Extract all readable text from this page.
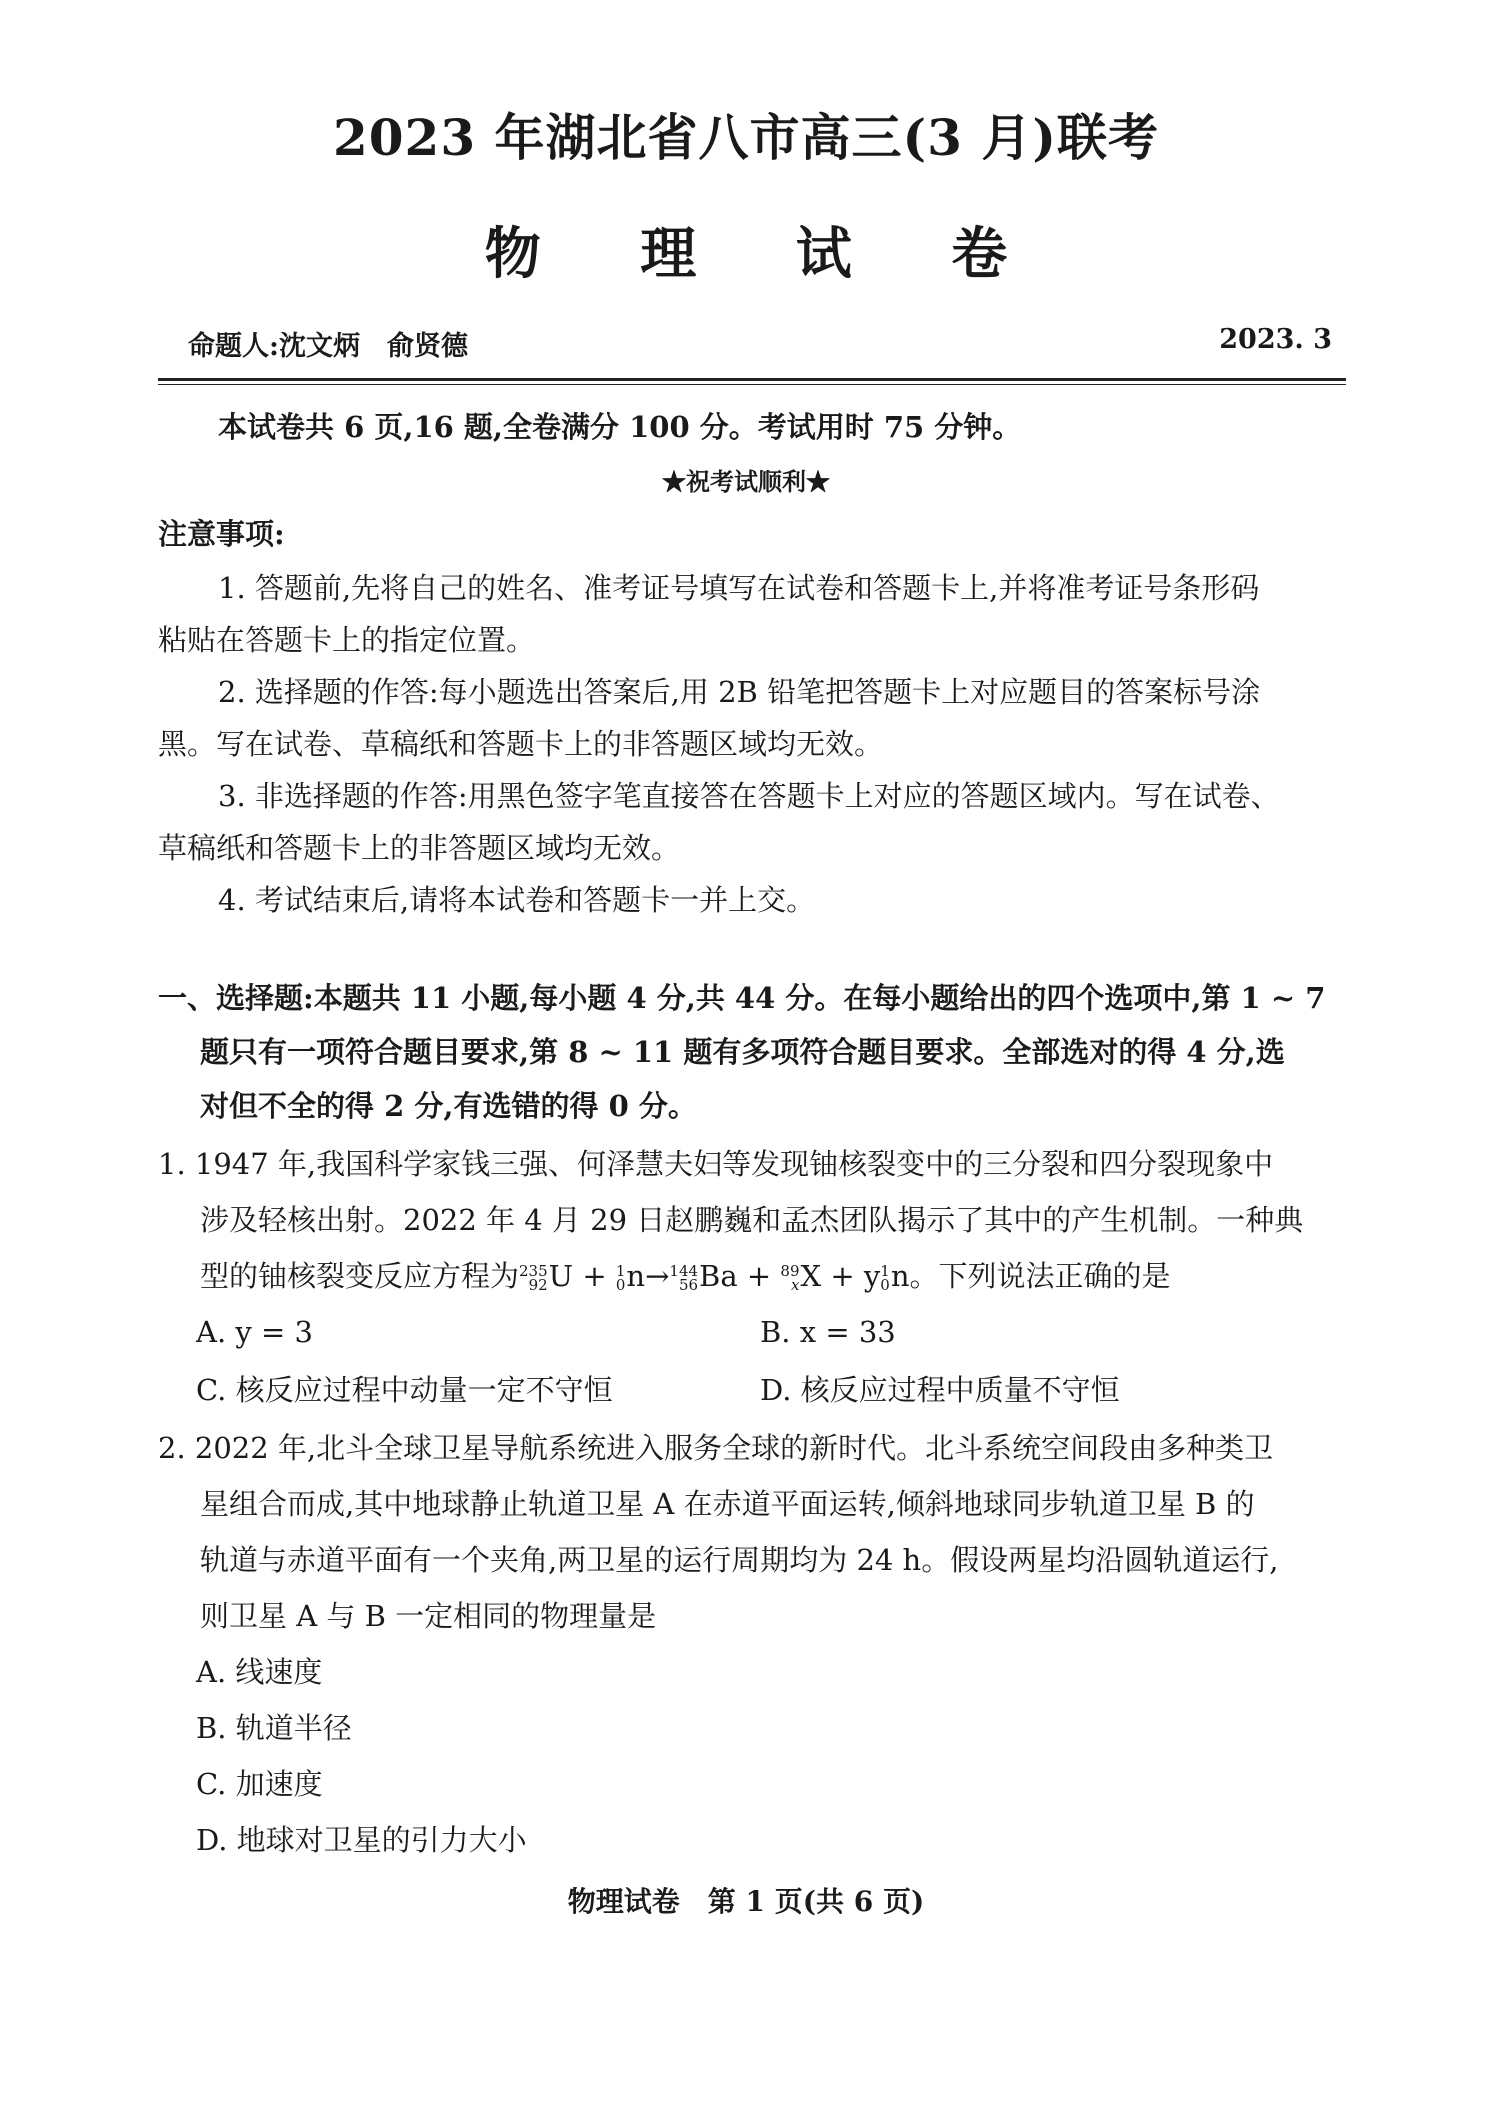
2023 年湖北省八市高三(3 月)联考
物 理 试 卷
命题人:沈文炳　俞贤德	2023. 3
本试卷共 6 页,16 题,全卷满分 100 分。考试用时 75 分钟。
★祝考试顺利★
注意事项:
1. 答题前,先将自己的姓名、准考证号填写在试卷和答题卡上,并将准考证号条形码
粘贴在答题卡上的指定位置。
2. 选择题的作答:每小题选出答案后,用 2B 铅笔把答题卡上对应题目的答案标号涂
黑。写在试卷、草稿纸和答题卡上的非答题区域均无效。
3. 非选择题的作答:用黑色签字笔直接答在答题卡上对应的答题区域内。写在试卷、
草稿纸和答题卡上的非答题区域均无效。
4. 考试结束后,请将本试卷和答题卡一并上交。
一、选择题:本题共 11 小题,每小题 4 分,共 44 分。在每小题给出的四个选项中,第 1 ~ 7
题只有一项符合题目要求,第 8 ~ 11 题有多项符合题目要求。全部选对的得 4 分,选
对但不全的得 2 分,有选错的得 0 分。
1. 1947 年,我国科学家钱三强、何泽慧夫妇等发现铀核裂变中的三分裂和四分裂现象中
涉及轻核出射。2022 年 4 月 29 日赵鹏巍和孟杰团队揭示了其中的产生机制。一种典
型的铀核裂变反应方程为 235
92 U + 1
0 n→ 144
56 Ba + 89
x X + y 1
0 n。下列说法正确的是
A. y = 3	B. x = 33
C. 核反应过程中动量一定不守恒	D. 核反应过程中质量不守恒
2. 2022 年,北斗全球卫星导航系统进入服务全球的新时代。北斗系统空间段由多种类卫
星组合而成,其中地球静止轨道卫星 A 在赤道平面运转,倾斜地球同步轨道卫星 B 的
轨道与赤道平面有一个夹角,两卫星的运行周期均为 24 h。假设两星均沿圆轨道运行,
则卫星 A 与 B 一定相同的物理量是
A. 线速度
B. 轨道半径
C. 加速度
D. 地球对卫星的引力大小
物理试卷　第 1 页(共 6 页)
